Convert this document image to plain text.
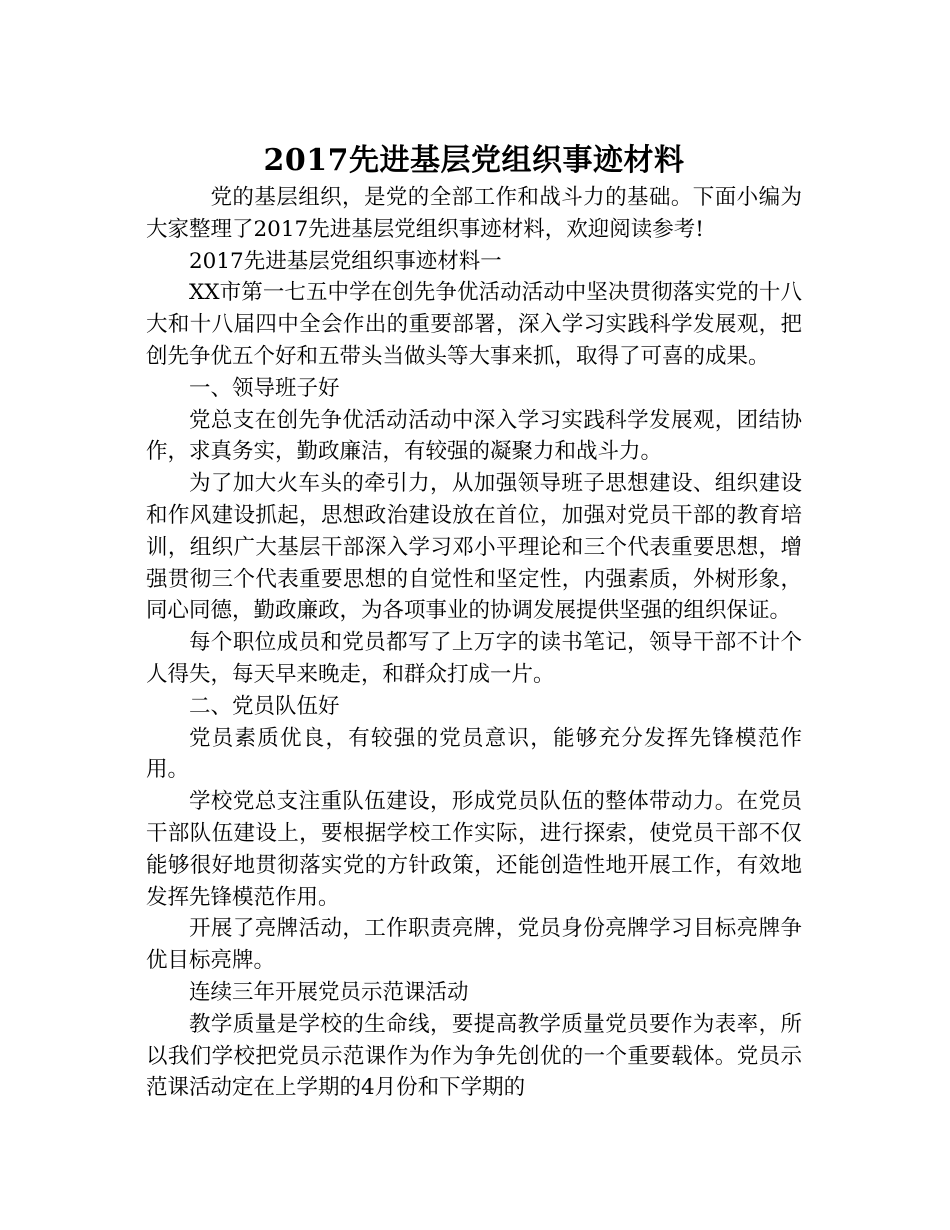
2017先进基层党组织事迹材料

党的基层组织，是党的全部工作和战斗力的基础。下面小编为大家整理了2017先进基层党组织事迹材料，欢迎阅读参考!

2017先进基层党组织事迹材料一

XX市第一七五中学在创先争优活动活动中坚决贯彻落实党的十八大和十八届四中全会作出的重要部署，深入学习实践科学发展观，把创先争优五个好和五带头当做头等大事来抓，取得了可喜的成果。

一、领导班子好

党总支在创先争优活动活动中深入学习实践科学发展观，团结协作，求真务实，勤政廉洁，有较强的凝聚力和战斗力。

为了加大火车头的牵引力，从加强领导班子思想建设、组织建设和作风建设抓起，思想政治建设放在首位，加强对党员干部的教育培训，组织广大基层干部深入学习邓小平理论和三个代表重要思想，增强贯彻三个代表重要思想的自觉性和坚定性，内强素质，外树形象，同心同德，勤政廉政，为各项事业的协调发展提供坚强的组织保证。

每个职位成员和党员都写了上万字的读书笔记，领导干部不计个人得失，每天早来晚走，和群众打成一片。

二、党员队伍好

党员素质优良，有较强的党员意识，能够充分发挥先锋模范作用。

学校党总支注重队伍建设，形成党员队伍的整体带动力。在党员干部队伍建设上，要根据学校工作实际，进行探索，使党员干部不仅能够很好地贯彻落实党的方针政策，还能创造性地开展工作，有效地发挥先锋模范作用。

开展了亮牌活动，工作职责亮牌，党员身份亮牌学习目标亮牌争优目标亮牌。

连续三年开展党员示范课活动

教学质量是学校的生命线，要提高教学质量党员要作为表率，所以我们学校把党员示范课作为作为争先创优的一个重要载体。党员示范课活动定在上学期的4月份和下学期的
